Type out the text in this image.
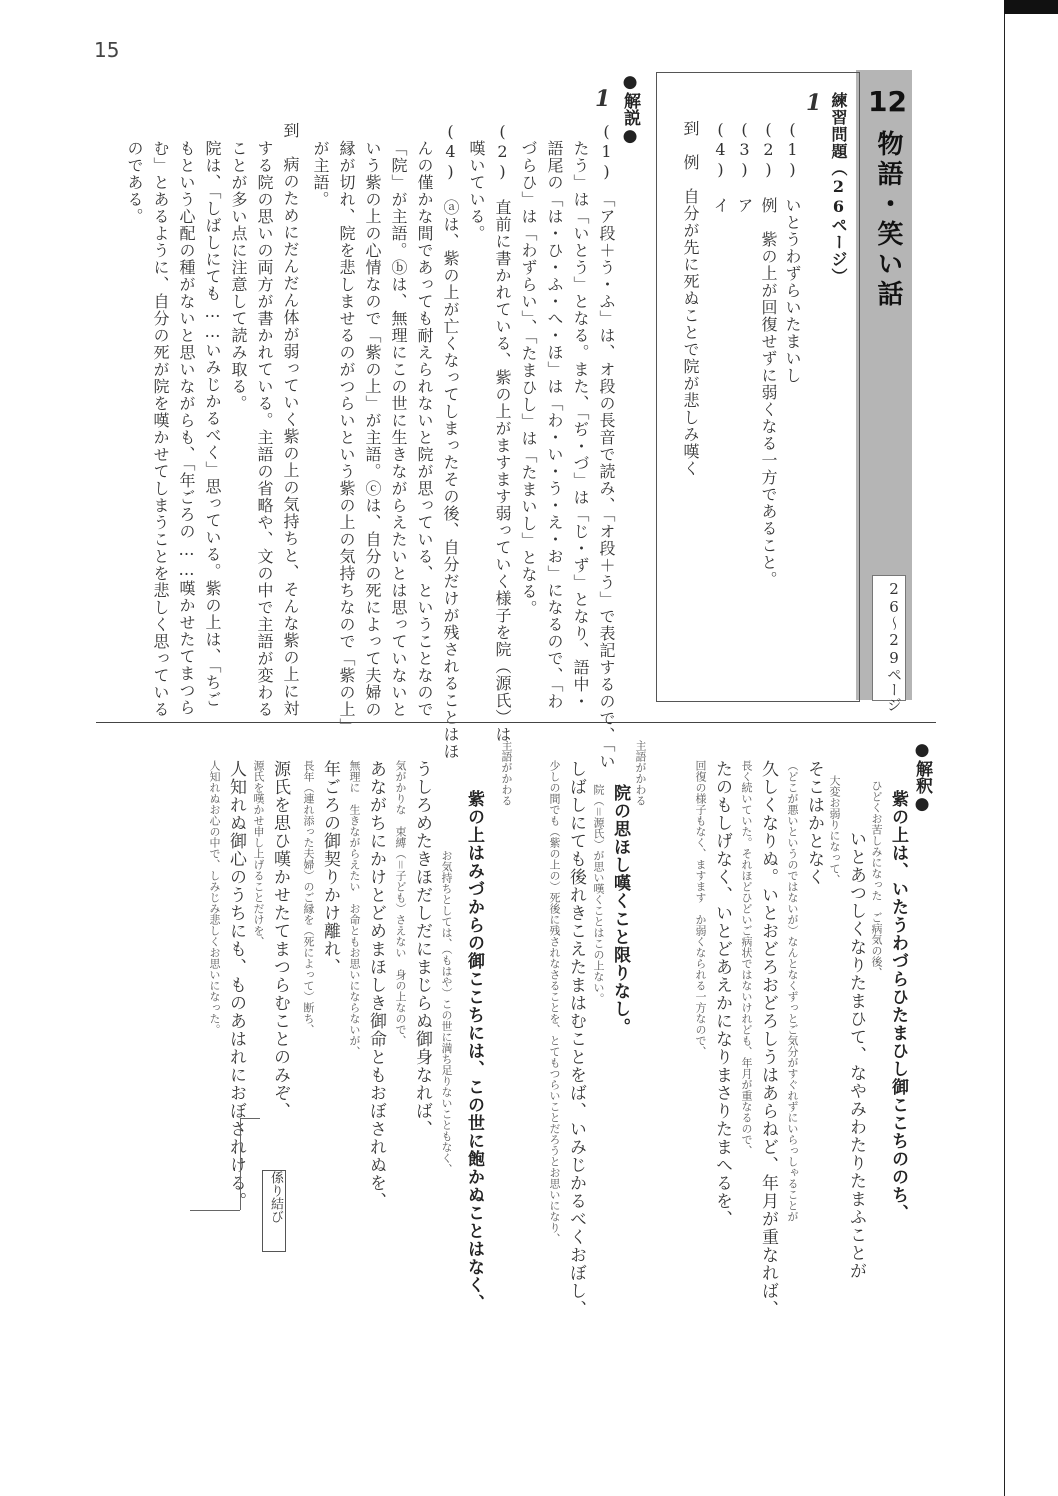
15
12
物語・笑い話
26〜29ページ
練習問題（26ページ）
1
(1)　いとうわずらいたまいし
(2)　例　紫の上が回復せずに弱くなる一方であること。
(3)　ア
(4)　イ
到　例　自分が先に死ぬことで院が悲しみ嘆く
●解説●
1
(1)　「ア段＋う・ふ」は、オ段の長音で読み、「オ段＋う」で表記するので、「い
たう」は「いとう」となる。また、「ぢ・づ」は「じ・ず」となり、語中・
語尾の「は・ひ・ふ・へ・ほ」は「わ・い・う・え・お」になるので、「わ
づらひ」は「わずらい」、「たまひし」は「たまいし」となる。
(2)　直前に書かれている、紫の上がますます弱っていく様子を院（源氏）は
嘆いている。
(4)　ⓐは、紫の上が亡くなってしまったその後、自分だけが残されることはほ
んの僅かな間であっても耐えられないと院が思っている、ということなので
「院」が主語。ⓑは、無理にこの世に生きながらえたいとは思っていないと
いう紫の上の心情なので「紫の上」が主語。ⓒは、自分の死によって夫婦の
縁が切れ、院を悲しませるのがつらいという紫の上の気持ちなので「紫の上」
が主語。
到　病のためにだんだん体が弱っていく紫の上の気持ちと、そんな紫の上に対
する院の思いの両方が書かれている。主語の省略や、文の中で主語が変わる
ことが多い点に注意して読み取る。
院は、「しばしにても……いみじかるべく」思っている。紫の上は、「ちご
もという心配の種がないと思いながらも、「年ごろの……嘆かせたてまつら
む」とあるように、自分の死が院を嘆かせてしまうことを悲しく思っている
のである。
●解釈●
紫の上は、いたうわづらひたまひし御ここちののち、
ひどくお苦しみになった　ご病気の後、
いとあつしくなりたまひて、なやみわたりたまふことが
大変お弱りになって、
そこはかとなく
（どこが悪いというのではないが）なんとなくずっとご気分がすぐれずにいらっしゃることが
久しくなりぬ。いとおどろおどろしうはあらねど、年月が重なれば、
長く続いていた。それほどひどいご病状ではないけれども、年月が重なるので、
たのもしげなく、いとどあえかになりまさりたまへるを、
回復の様子もなく、ますます　か弱くなられる一方なので、
主語がかわる
院の思ほし嘆くこと限りなし。
院（＝源氏）が思い嘆くことはこの上ない。
しばしにても後れきこえたまはむことをば、いみじかるべくおぼし、
少しの間でも（紫の上の）死後に残されなさることを、とてもつらいことだろうとお思いになり、
主語がかわる
紫の上はみづからの御ここちには、この世に飽かぬことはなく、
お気持ちとしては、（もはや）この世に満ち足りないこともなく、
うしろめたきほだしだにまじらぬ御身なれば、
気がかりな　束縛（＝子ども）さえない　身の上なので、
あながちにかけとどめまほしき御命ともおぼされぬを、
無理に　生きながらえたい　お命ともお思いにならないが、
年ごろの御契りかけ離れ、
長年（連れ添った夫婦）のご縁を（死によって）断ち、
源氏を思ひ嘆かせたてまつらむことのみぞ、
源氏を嘆かせ申し上げることだけを、
人知れぬ御心のうちにも、ものあはれにおぼされける。
人知れぬお心の中で、しみじみ悲しくお思いになった。
係り結び
